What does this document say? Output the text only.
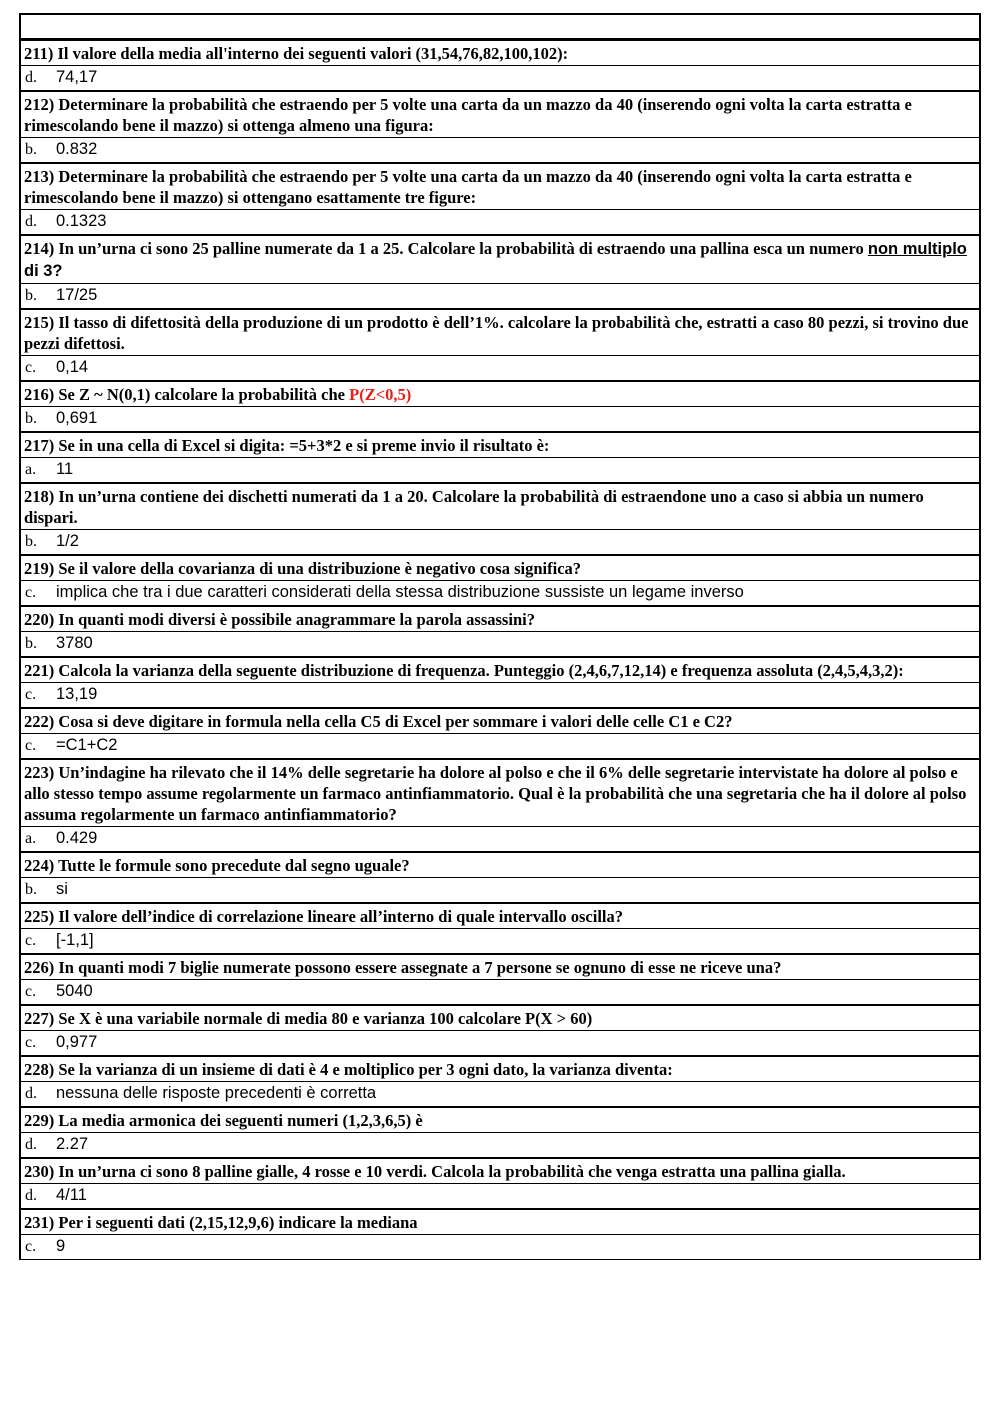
211) Il valore della media all'interno dei seguenti valori (31,54,76,82,100,102):
d. 74,17
212) Determinare la probabilità che estraendo per 5 volte una carta da un mazzo da 40 (inserendo ogni volta la carta estratta e rimescolando bene il mazzo) si ottenga almeno una figura:
b. 0.832
213) Determinare la probabilità che estraendo per 5 volte una carta da un mazzo da 40 (inserendo ogni volta la carta estratta e rimescolando bene il mazzo) si ottengano esattamente tre figure:
d. 0.1323
214) In un’urna ci sono 25 palline numerate da 1 a 25. Calcolare la probabilità di estraendo una pallina esca un numero non multiplo di 3?
b. 17/25
215) Il tasso di difettosità della produzione di un prodotto è dell’1%. calcolare la probabilità che, estratti a caso 80 pezzi, si trovino due pezzi difettosi.
c. 0,14
216) Se Z ~ N(0,1) calcolare la probabilità che P(Z<0,5)
b. 0,691
217) Se in una cella di Excel si digita: =5+3*2 e si preme invio il risultato è:
a. 11
218) In un’urna contiene dei dischetti numerati da 1 a 20. Calcolare la probabilità di estraendone uno a caso si abbia un numero dispari.
b. 1/2
219) Se il valore della covarianza di una distribuzione è negativo cosa significa?
c. implica che tra i due caratteri considerati della stessa distribuzione sussiste un legame inverso
220) In quanti modi diversi è possibile anagrammare la parola assassini?
b. 3780
221) Calcola la varianza della seguente distribuzione di frequenza. Punteggio (2,4,6,7,12,14) e frequenza assoluta (2,4,5,4,3,2):
c. 13,19
222) Cosa si deve digitare in formula nella cella C5 di Excel per sommare i valori delle celle C1 e C2?
c. =C1+C2
223) Un’indagine ha rilevato che il 14% delle segretarie ha dolore al polso e che il 6% delle segretarie intervistate ha dolore al polso e allo stesso tempo assume regolarmente un farmaco antinfiammatorio. Qual è la probabilità che una segretaria che ha il dolore al polso assuma regolarmente un farmaco antinfiammatorio?
a. 0.429
224) Tutte le formule sono precedute dal segno uguale?
b. si
225) Il valore dell’indice di correlazione lineare all’interno di quale intervallo oscilla?
c. [-1,1]
226) In quanti modi 7 biglie numerate possono essere assegnate a 7 persone se ognuno di esse ne riceve una?
c. 5040
227) Se X è una variabile normale di media 80 e varianza 100 calcolare P(X > 60)
c. 0,977
228) Se la varianza di un insieme di dati è 4 e moltiplico per 3 ogni dato, la varianza diventa:
d. nessuna delle risposte precedenti è corretta
229) La media armonica dei seguenti numeri (1,2,3,6,5) è
d. 2.27
230) In un’urna ci sono 8 palline gialle, 4 rosse e 10 verdi. Calcola la probabilità che venga estratta una pallina gialla.
d. 4/11
231) Per i seguenti dati (2,15,12,9,6) indicare la mediana
c. 9
